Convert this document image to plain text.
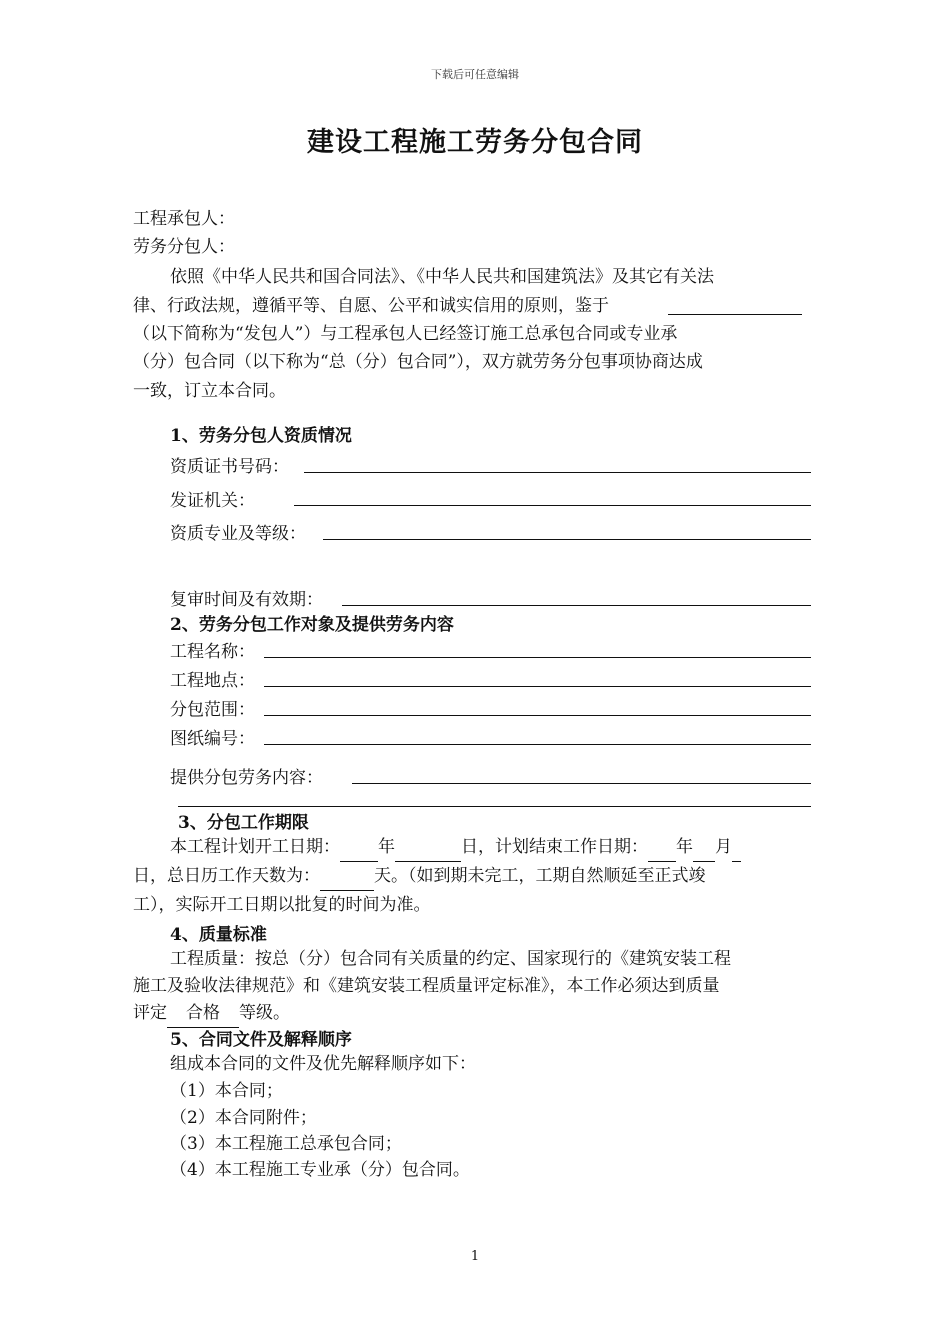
下载后可任意编辑
建设工程施工劳务分包合同
工程承包人：
劳务分包人：
依照《中华人民共和国合同法》、《中华人民共和国建筑法》及其它有关法
律、行政法规，遵循平等、自愿、公平和诚实信用的原则，鉴于
（以下简称为“发包人”）与工程承包人已经签订施工总承包合同或专业承
（分）包合同（以下称为“总（分）包合同”），双方就劳务分包事项协商达成
一致，订立本合同。
1、劳务分包人资质情况
资质证书号码：
发证机关：
资质专业及等级：
复审时间及有效期：
2、劳务分包工作对象及提供劳务内容
工程名称：
工程地点：
分包范围：
图纸编号：
提供分包劳务内容：
3、分包工作期限
本工程计划开工日期： 年	日，计划结束工作日期： 年 月
日，总日历工作天数为：	天。（如到期未完工，工期自然顺延至正式竣
工），实际开工日期以批复的时间为准。
4、质量标准
工程质量：按总（分）包合同有关质量的约定、国家现行的《建筑安装工程
施工及验收法律规范》和《建筑安装工程质量评定标准》，本工作必须达到质量
评定 合格 等级。
5、合同文件及解释顺序
组成本合同的文件及优先解释顺序如下：
（1）本合同；
（2）本合同附件；
（3）本工程施工总承包合同；
（4）本工程施工专业承（分）包合同。
1
